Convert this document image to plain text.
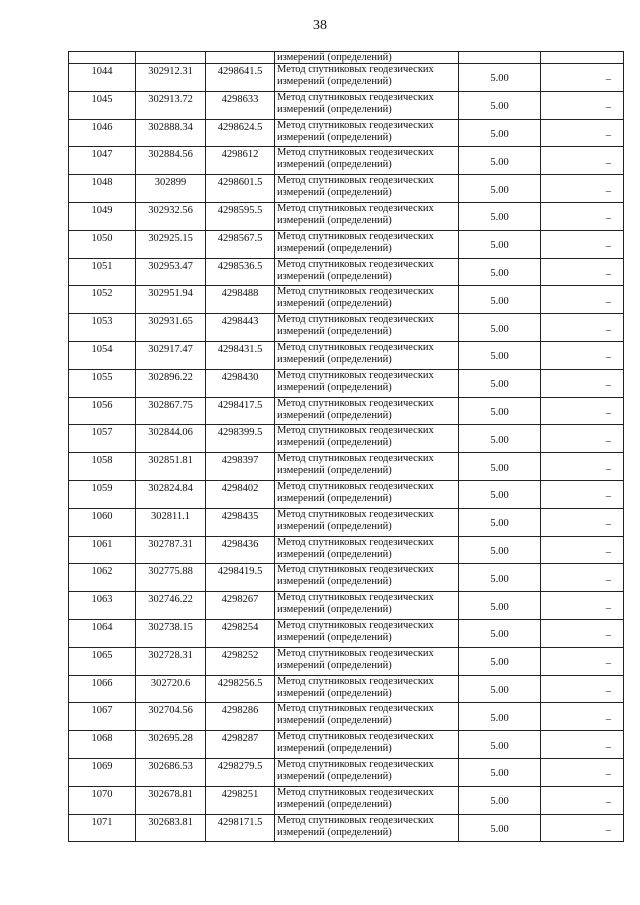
38
			измерений (определений)		
1044	302912.31	4298641.5	Метод спутниковых геодезических
измерений (определений)	5.00	–
1045	302913.72	4298633	Метод спутниковых геодезических
измерений (определений)	5.00	–
1046	302888.34	4298624.5	Метод спутниковых геодезических
измерений (определений)	5.00	–
1047	302884.56	4298612	Метод спутниковых геодезических
измерений (определений)	5.00	–
1048	302899	4298601.5	Метод спутниковых геодезических
измерений (определений)	5.00	–
1049	302932.56	4298595.5	Метод спутниковых геодезических
измерений (определений)	5.00	–
1050	302925.15	4298567.5	Метод спутниковых геодезических
измерений (определений)	5.00	–
1051	302953.47	4298536.5	Метод спутниковых геодезических
измерений (определений)	5.00	–
1052	302951.94	4298488	Метод спутниковых геодезических
измерений (определений)	5.00	–
1053	302931.65	4298443	Метод спутниковых геодезических
измерений (определений)	5.00	–
1054	302917.47	4298431.5	Метод спутниковых геодезических
измерений (определений)	5.00	–
1055	302896.22	4298430	Метод спутниковых геодезических
измерений (определений)	5.00	–
1056	302867.75	4298417.5	Метод спутниковых геодезических
измерений (определений)	5.00	–
1057	302844.06	4298399.5	Метод спутниковых геодезических
измерений (определений)	5.00	–
1058	302851.81	4298397	Метод спутниковых геодезических
измерений (определений)	5.00	–
1059	302824.84	4298402	Метод спутниковых геодезических
измерений (определений)	5.00	–
1060	302811.1	4298435	Метод спутниковых геодезических
измерений (определений)	5.00	–
1061	302787.31	4298436	Метод спутниковых геодезических
измерений (определений)	5.00	–
1062	302775.88	4298419.5	Метод спутниковых геодезических
измерений (определений)	5.00	–
1063	302746.22	4298267	Метод спутниковых геодезических
измерений (определений)	5.00	–
1064	302738.15	4298254	Метод спутниковых геодезических
измерений (определений)	5.00	–
1065	302728.31	4298252	Метод спутниковых геодезических
измерений (определений)	5.00	–
1066	302720.6	4298256.5	Метод спутниковых геодезических
измерений (определений)	5.00	–
1067	302704.56	4298286	Метод спутниковых геодезических
измерений (определений)	5.00	–
1068	302695.28	4298287	Метод спутниковых геодезических
измерений (определений)	5.00	–
1069	302686.53	4298279.5	Метод спутниковых геодезических
измерений (определений)	5.00	–
1070	302678.81	4298251	Метод спутниковых геодезических
измерений (определений)	5.00	–
1071	302683.81	4298171.5	Метод спутниковых геодезических
измерений (определений)	5.00	–
